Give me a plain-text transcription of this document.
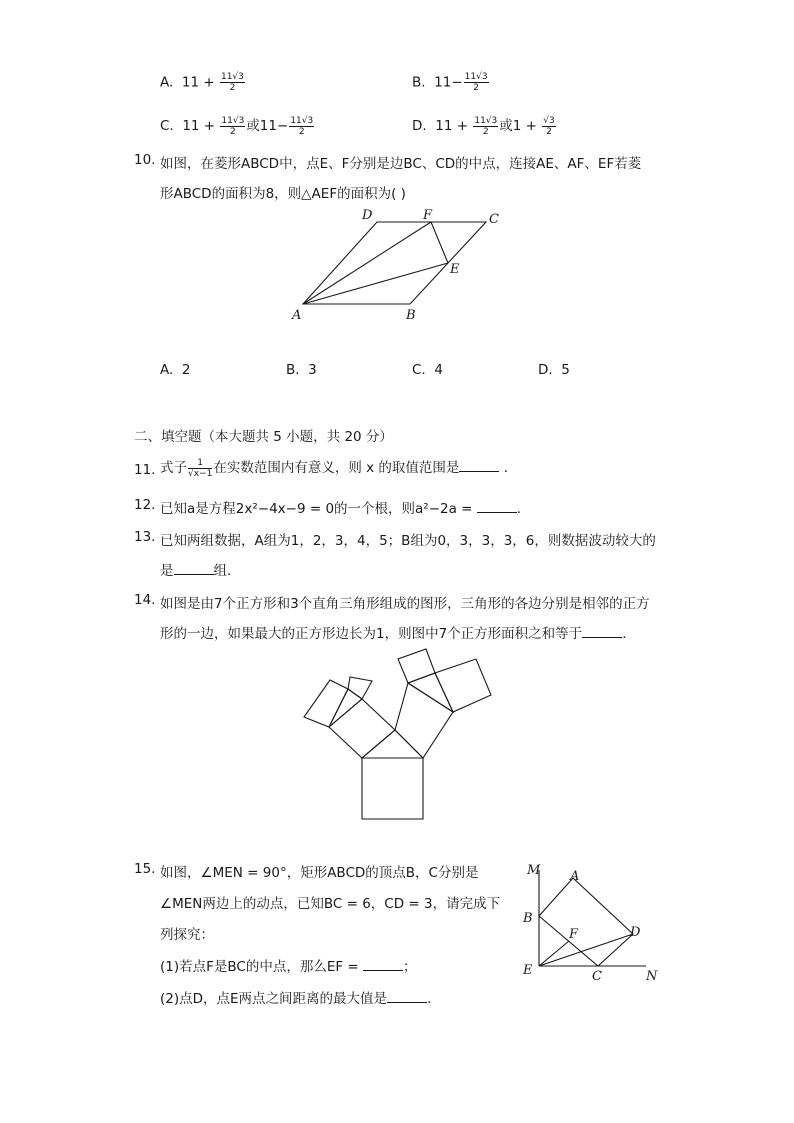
A. $11 + \frac{11√3}{2}$	B. $11- \frac{11√3}{2}$
C. $11 + \frac{11√3}{2}$ 或$11- \frac{11√3}{2}$	D. $11 + \frac{11√3}{2}$ 或$1 + \frac{√3}{2}$
10. 如图，在菱形ABCD中，点E、F分别是边BC、CD的中点，连接AE、AF、EF若菱
形ABCD的面积为8，则△AEF的面积为( )
A	B
C
D
E
F
A. 2	B. 3	C. 4	D. 5
二、填空题（本大题共 5 小题，共 20 分）
11. 式子 $\frac{1}{√x-1}$ 在实数范围内有意义，则 x 的取值范围是	．
12. 已知a是方程2x²−4x−9 = 0的一个根，则a²−2a =	．
13. 已知两组数据，A组为1，2，3，4，5；B组为0，3，3，3，6，则数据波动较大的
是	组．
14. 如图是由7个正方形和3个直角三角形组成的图形，三角形的各边分别是相邻的正方
形的一边，如果最大的正方形边长为1，则图中7个正方形面积之和等于	．
15. 如图，∠MEN = 90°，矩形ABCD的顶点B，C分别是
∠MEN两边上的动点，已知BC = 6，CD = 3，请完成下
列探究：
(1)若点F是BC的中点，那么EF =	；
(2)点D，点E两点之间距离的最大值是	．
M A
B
F	D
E	C	N
